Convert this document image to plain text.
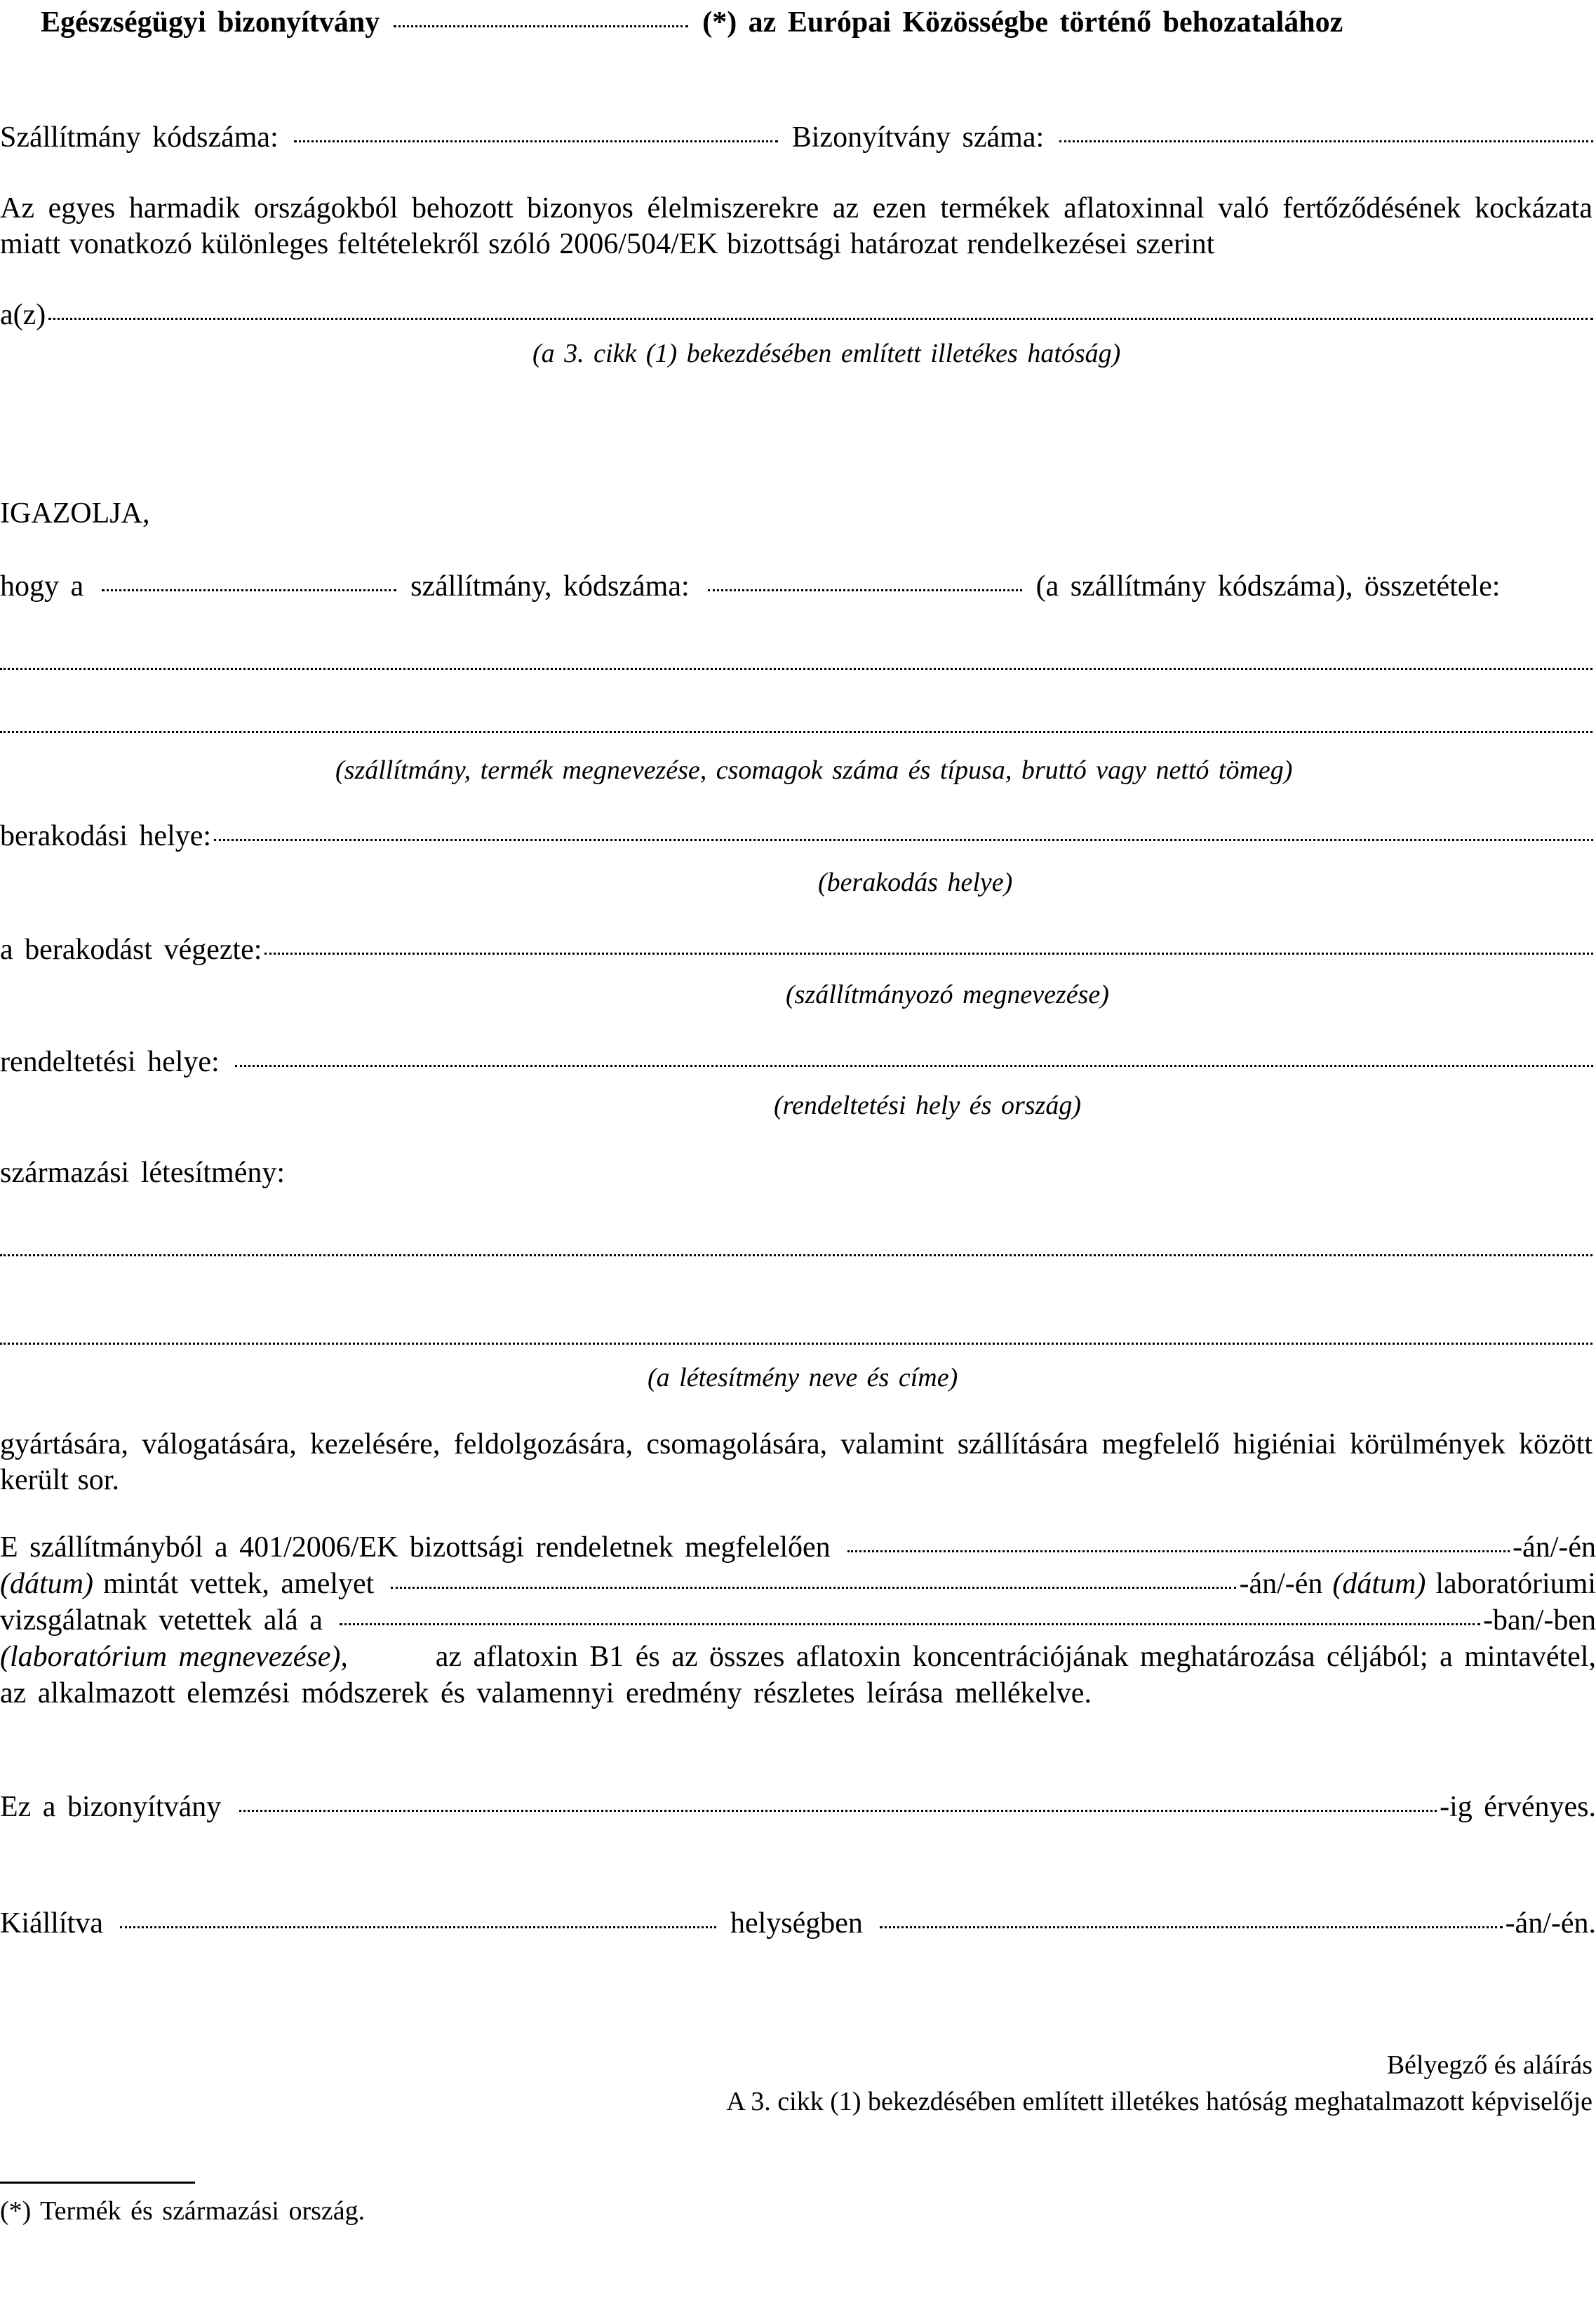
Egészségügyi bizonyítvány	(*) az Európai Közösségbe történő behozatalához
Szállítmány kódszáma:	Bizonyítvány száma:
Az egyes harmadik országokból behozott bizonyos élelmiszerekre az ezen termékek aflatoxinnal való fertőződésének kockázata miatt vonatkozó különleges feltételekről szóló 2006/504/EK bizottsági határozat rendelkezései szerint
a(z)
(a 3. cikk (1) bekezdésében említett illetékes hatóság)
IGAZOLJA,
hogy a	szállítmány, kódszáma:	(a szállítmány kódszáma), összetétele:
(szállítmány, termék megnevezése, csomagok száma és típusa, bruttó vagy nettó tömeg)
berakodási helye:
(berakodás helye)
a berakodást végezte:
(szállítmányozó megnevezése)
rendeltetési helye:
(rendeltetési hely és ország)
származási létesítmény:
(a létesítmény neve és címe)
gyártására, válogatására, kezelésére, feldolgozására, csomagolására, valamint szállítására megfelelő higiéniai körülmények között került sor.
E szállítmányból a 401/2006/EK bizottsági rendeletnek megfelelően	-án/-én
(dátum) mintát vettek, amelyet	-án/-én (dátum) laboratóriumi
vizsgálatnak vetettek alá a	-ban/-ben
(laboratórium megnevezése),	az aflatoxin B1 és az összes aflatoxin koncentrációjának meghatározása céljából; a mintavétel,
az alkalmazott elemzési módszerek és valamennyi eredmény részletes leírása mellékelve.
Ez a bizonyítvány	-ig érvényes.
Kiállítva	helységben	-án/-én.
Bélyegző és aláírás
A 3. cikk (1) bekezdésében említett illetékes hatóság meghatalmazott képviselője
(*) Termék és származási ország.
